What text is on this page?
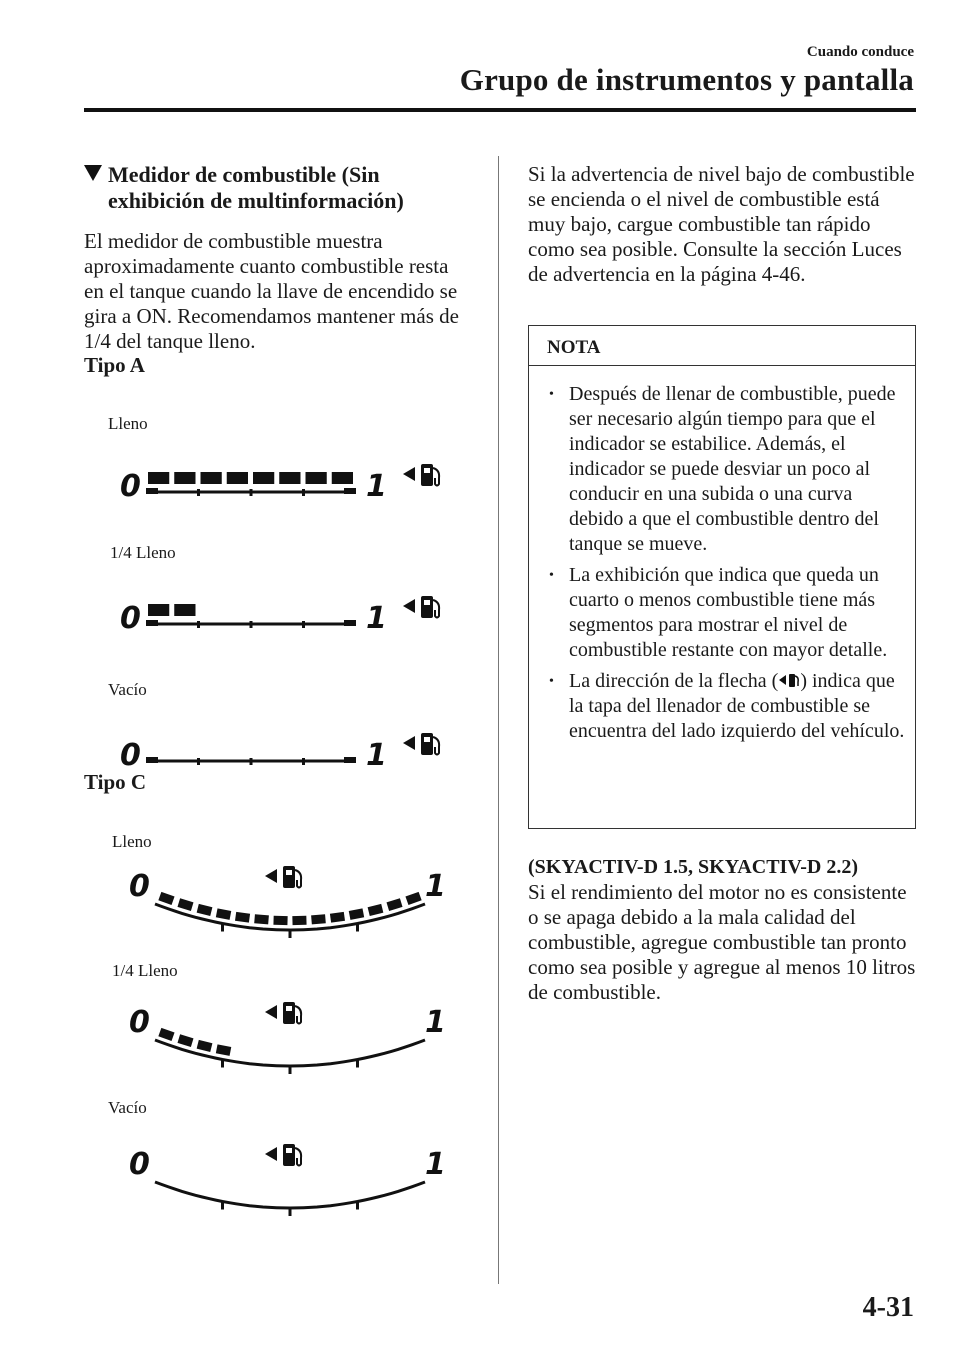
Cuando conduce
Grupo de instrumentos y pantalla
Medidor de combustible (Sin
exhibición de multinformación)
El medidor de combustible muestra aproximadamente cuanto combustible resta en el tanque cuando la llave de encendido se gira a ON. Recomendamos mantener más de 1/4 del tanque lleno.
Tipo A
Lleno
0	1
1/4 Lleno
0	1
Vacío
0	1
Tipo C
Lleno
0	1
1/4 Lleno
0	1
Vacío
0	1
Si la advertencia de nivel bajo de combustible se encienda o el nivel de combustible está muy bajo, cargue combustible tan rápido como sea posible. Consulte la sección Luces de advertencia en la página 4-46.
NOTA
• Después de llenar de combustible, puede ser necesario algún tiempo para que el indicador se estabilice. Además, el indicador se puede desviar un poco al conducir en una subida o una curva debido a que el combustible dentro del tanque se mueve.
• La exhibición que indica que queda un cuarto o menos combustible tiene más segmentos para mostrar el nivel de combustible restante con mayor detalle.
• La dirección de la flecha ( ) indica que la tapa del llenador de combustible se encuentra del lado izquierdo del vehículo.
(SKYACTIV-D 1.5, SKYACTIV-D 2.2)
Si el rendimiento del motor no es consistente o se apaga debido a la mala calidad del combustible, agregue combustible tan pronto como sea posible y agregue al menos 10 litros de combustible.
4-31
